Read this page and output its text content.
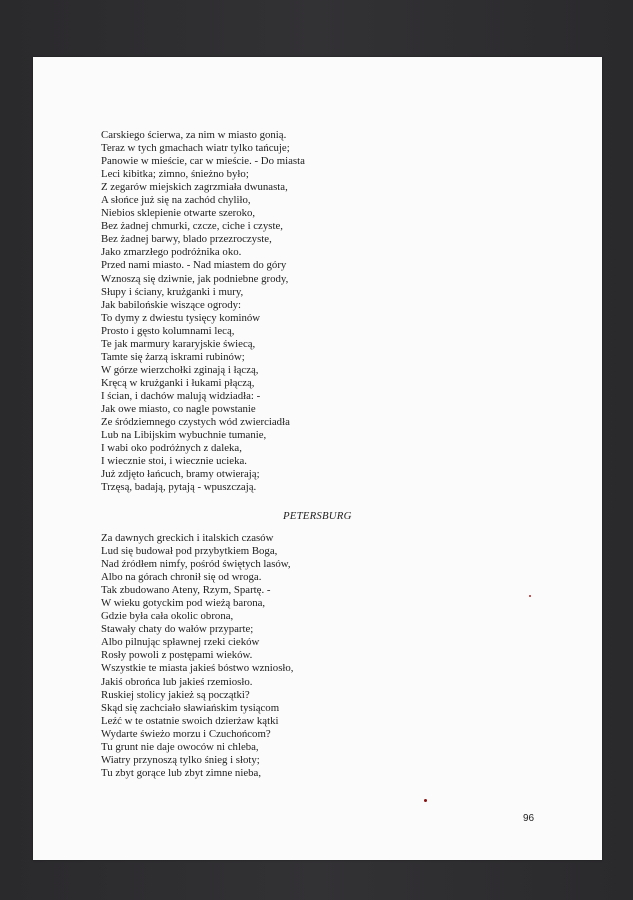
Carskiego ścierwa, za nim w miasto gonią.
Teraz w tych gmachach wiatr tylko tańcuje;
Panowie w mieście, car w mieście. - Do miasta
Leci kibitka; zimno, śnieżno było;
Z zegarów miejskich zagrzmiała dwunasta,
A słońce już się na zachód chyliło,
Niebios sklepienie otwarte szeroko,
Bez żadnej chmurki, czcze, ciche i czyste,
Bez żadnej barwy, blado przezroczyste,
Jako zmarzłego podróżnika oko.
Przed nami miasto. - Nad miastem do góry
Wznoszą się dziwnie, jak podniebne grody,
Słupy i ściany, krużganki i mury,
Jak babilońskie wiszące ogrody:
To dymy z dwiestu tysięcy kominów
Prosto i gęsto kolumnami lecą,
Te jak marmury kararyjskie świecą,
Tamte się żarzą iskrami rubinów;
W górze wierzchołki zginają i łączą,
Kręcą w krużganki i łukami płączą,
I ścian, i dachów malują widziadła: -
Jak owe miasto, co nagle powstanie
Ze śródziemnego czystych wód zwierciadła
Lub na Libijskim wybuchnie tumanie,
I wabi oko podróżnych z daleka,
I wiecznie stoi, i wiecznie ucieka.
Już zdjęto łańcuch, bramy otwierają;
Trzęsą, badają, pytają - wpuszczają.
PETERSBURG
Za dawnych greckich i italskich czasów
Lud się budował pod przybytkiem Boga,
Nad źródłem nimfy, pośród świętych lasów,
Albo na górach chronił się od wroga.
Tak zbudowano Ateny, Rzym, Spartę. -
W wieku gotyckim pod wieżą barona,
Gdzie była cała okolic obrona,
Stawały chaty do wałów przyparte;
Albo pilnując spławnej rzeki cieków
Rosły powoli z postępami wieków.
Wszystkie te miasta jakieś bóstwo wzniosło,
Jakiś obrońca lub jakieś rzemiosło.
Ruskiej stolicy jakież są początki?
Skąd się zachciało sławiańskim tysiącom
Leźć w te ostatnie swoich dzierżaw kątki
Wydarte świeżo morzu i Czuchońcom?
Tu grunt nie daje owoców ni chleba,
Wiatry przynoszą tylko śnieg i słoty;
Tu zbyt gorące lub zbyt zimne nieba,
96
